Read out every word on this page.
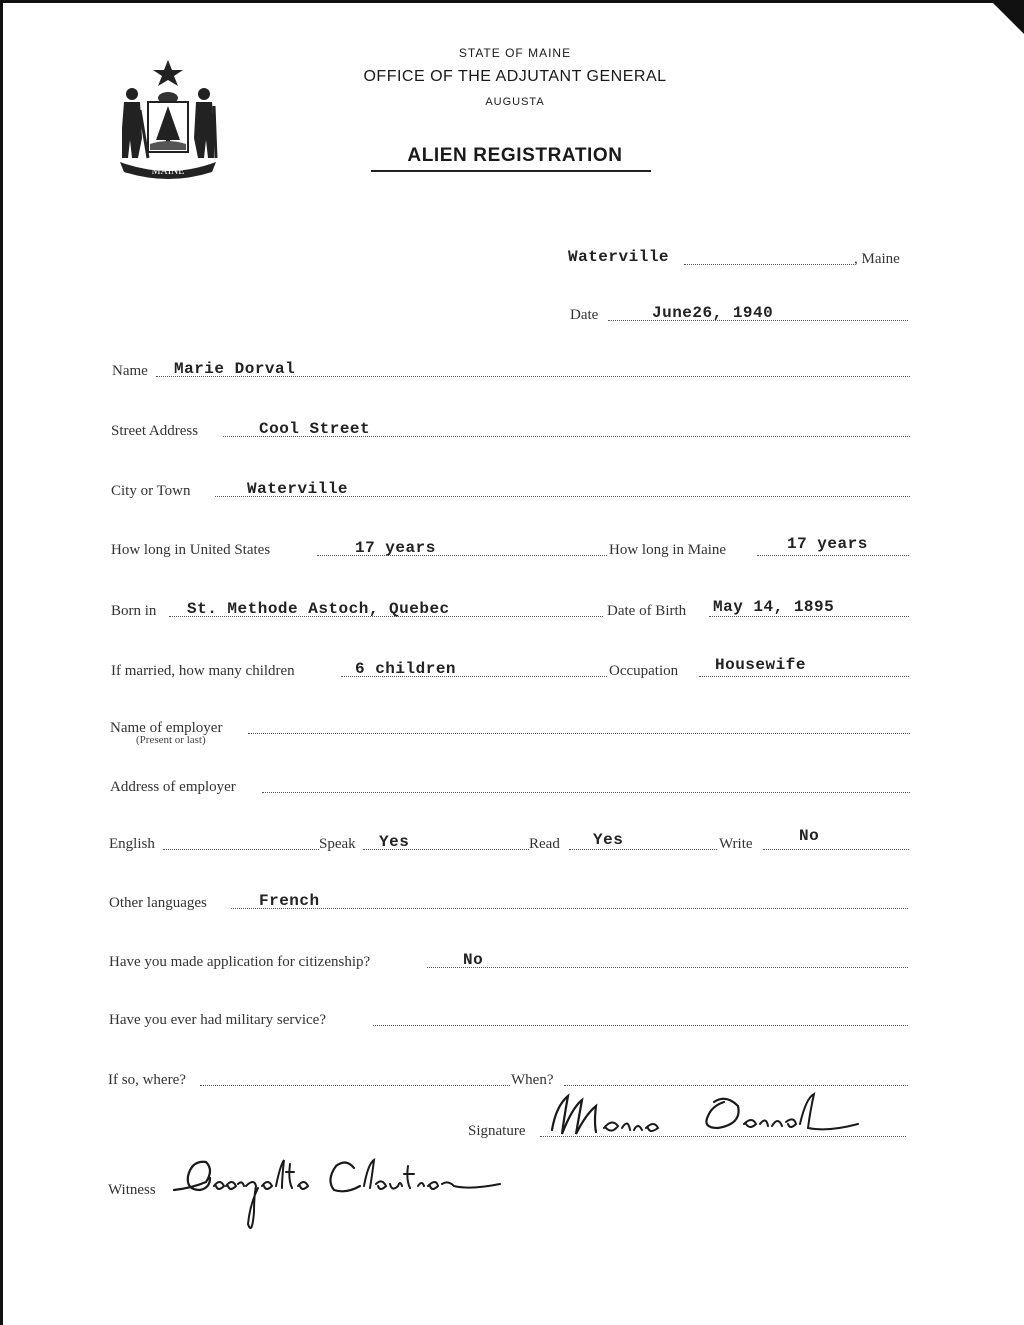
MAINE
STATE OF MAINE
OFFICE OF THE ADJUTANT GENERAL
AUGUSTA
ALIEN REGISTRATION
Waterville	, Maine
Date	June26, 1940
Name Marie Dorval
Street Address	Cool Street
City or Town	Waterville
How long in United States	17 years	How long in Maine	17 years
Born in St. Methode Astoch, Quebec	Date of Birth May 14, 1895
If married, how many children	6 children	Occupation Housewife
Name of employer
(Present or last)
Address of employer
English	Speak Yes	Read Yes	Write	No
Other languages	French
Have you made application for citizenship?	No
Have you ever had military service?
If so, where?	When?
Signature
Witness
